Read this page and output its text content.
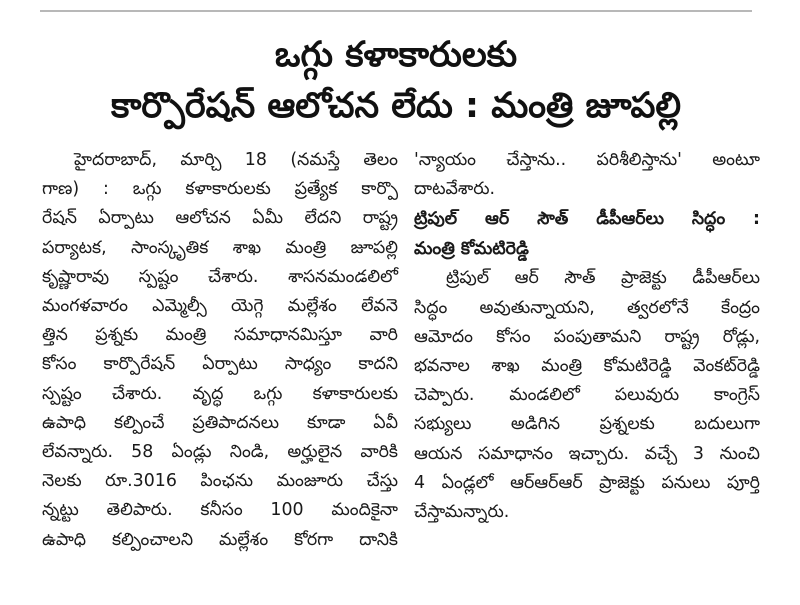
ఒగ్గు కళాకారులకు
కార్పొరేషన్ ఆలోచన లేదు : మంత్రి జూపల్లి

హైదరాబాద్, మార్చి 18 (నమస్తే తెలం
గాణ) : ఒగ్గు కళాకారులకు ప్రత్యేక కార్పొ
రేషన్ ఏర్పాటు ఆలోచన ఏమీ లేదని రాష్ట్ర
పర్యాటక, సాంస్కృతిక శాఖ మంత్రి జూపల్లి
కృష్ణారావు స్పష్టం చేశారు. శాసనమండలిలో
మంగళవారం ఎమ్మెల్సీ యెగ్గె మల్లేశం లేవనె
త్తిన ప్రశ్నకు మంత్రి సమాధానమిస్తూ వారి
కోసం కార్పొరేషన్ ఏర్పాటు సాధ్యం కాదని
స్పష్టం చేశారు. వృద్ధ ఒగ్గు కళాకారులకు
ఉపాధి కల్పించే ప్రతిపాదనలు కూడా ఏవీ
లేవన్నారు. 58 ఏండ్లు నిండి, అర్హులైన వారికి
నెలకు రూ.3016 పింఛను మంజూరు చేస్తు
న్నట్టు తెలిపారు. కనీసం 100 మందికైనా
ఉపాధి కల్పించాలని మల్లేశం కోరగా దానికి

'న్యాయం చేస్తాను.. పరిశీలిస్తాను' అంటూ
దాటవేశారు.

ట్రిపుల్ ఆర్ సౌత్ డీపీఆర్‌లు సిద్ధం :
మంత్రి కోమటిరెడ్డి

ట్రిపుల్ ఆర్ సౌత్ ప్రాజెక్టు డీపీఆర్‌లు
సిద్ధం అవుతున్నాయని, త్వరలోనే కేంద్రం
ఆమోదం కోసం పంపుతామని రాష్ట్ర రోడ్లు,
భవనాల శాఖ మంత్రి కోమటిరెడ్డి వెంకట్‌రెడ్డి
చెప్పారు. మండలిలో పలువురు కాంగ్రెస్
సభ్యులు అడిగిన ప్రశ్నలకు బదులుగా
ఆయన సమాధానం ఇచ్చారు. వచ్చే 3 నుంచి
4 ఏండ్లలో ఆర్‌ఆర్‌ఆర్ ప్రాజెక్టు పనులు పూర్తి
చేస్తామన్నారు.
